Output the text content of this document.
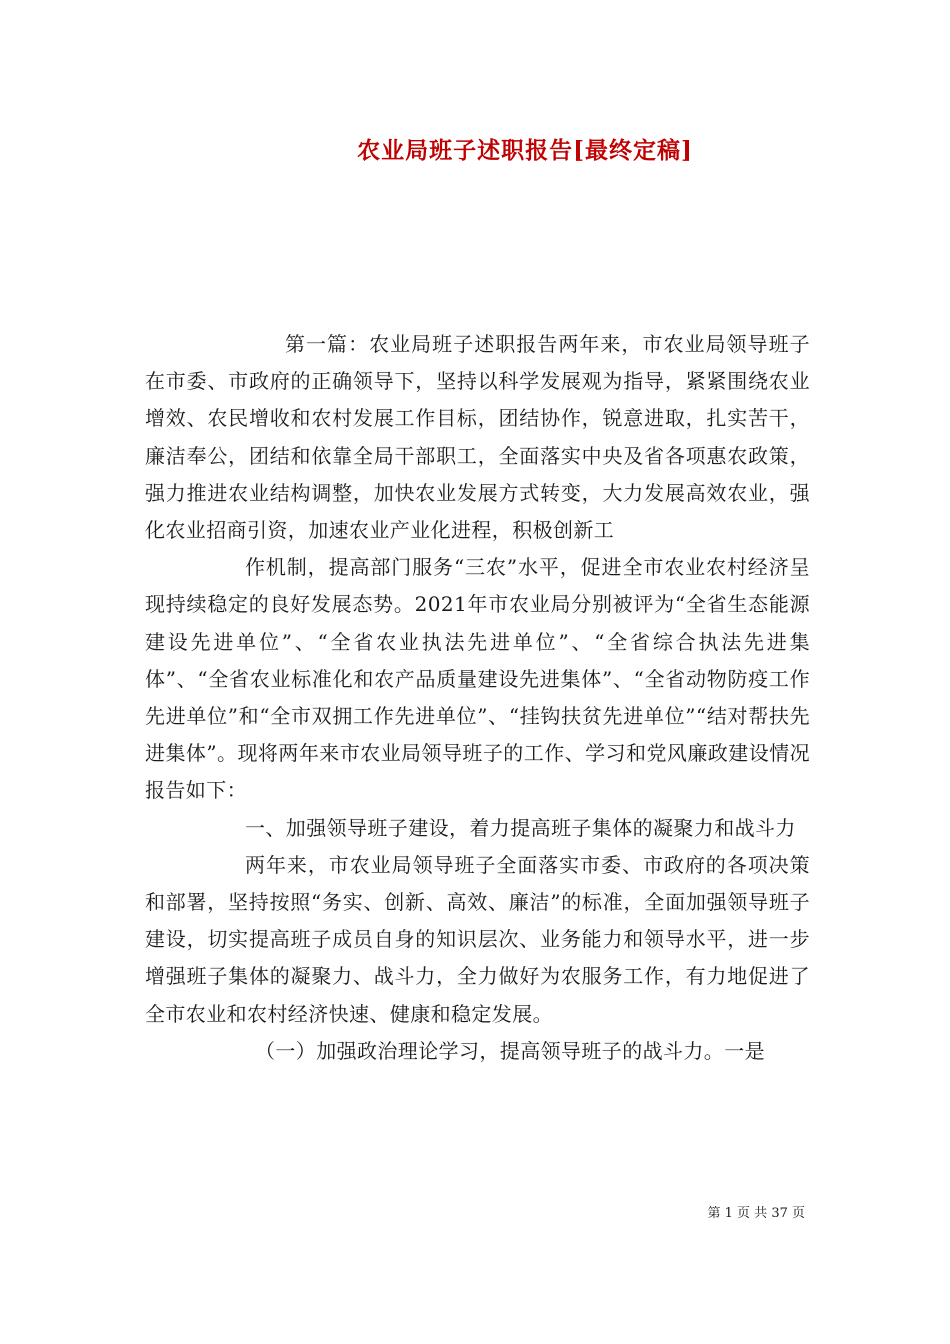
农业局班子述职报告[最终定稿]

第一篇：农业局班子述职报告两年来，市农业局领导班子在市委、市政府的正确领导下，坚持以科学发展观为指导，紧紧围绕农业增效、农民增收和农村发展工作目标，团结协作，锐意进取，扎实苦干，廉洁奉公，团结和依靠全局干部职工，全面落实中央及省各项惠农政策，强力推进农业结构调整，加快农业发展方式转变，大力发展高效农业，强化农业招商引资，加速农业产业化进程，积极创新工

作机制，提高部门服务“三农”水平，促进全市农业农村经济呈现持续稳定的良好发展态势。2021年市农业局分别被评为“全省生态能源建设先进单位”、“全省农业执法先进单位”、“全省综合执法先进集体”、“全省农业标准化和农产品质量建设先进集体”、“全省动物防疫工作先进单位”和“全市双拥工作先进单位”、“挂钩扶贫先进单位”“结对帮扶先进集体”。现将两年来市农业局领导班子的工作、学习和党风廉政建设情况报告如下：

一、加强领导班子建设，着力提高班子集体的凝聚力和战斗力

两年来，市农业局领导班子全面落实市委、市政府的各项决策和部署，坚持按照“务实、创新、高效、廉洁”的标准，全面加强领导班子建设，切实提高班子成员自身的知识层次、业务能力和领导水平，进一步增强班子集体的凝聚力、战斗力，全力做好为农服务工作，有力地促进了全市农业和农村经济快速、健康和稳定发展。

（一）加强政治理论学习，提高领导班子的战斗力。一是

第 1 页 共 37 页
